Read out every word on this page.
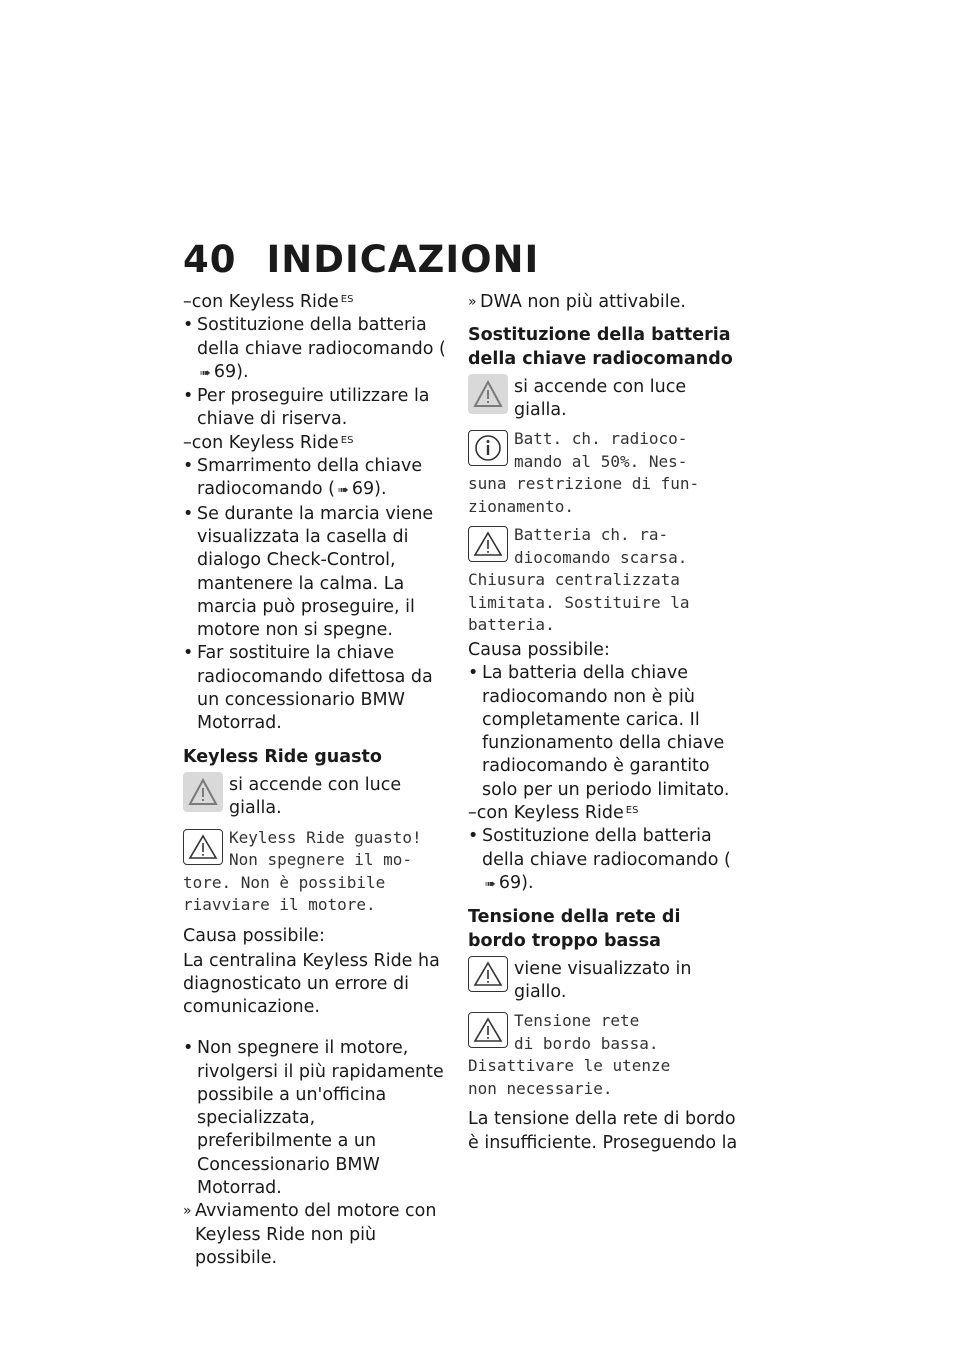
40 INDICAZIONI

– con Keyless Ride $^{ES}$

• Sostituzione della batteria della chiave radiocomando (➠ 69).

• Per proseguire utilizzare la chiave di riserva.

– con Keyless Ride $^{ES}$

• Smarrimento della chiave radiocomando ( ➠ 69).

• Se durante la marcia viene visualizzata la casella di dialogo Check-Control, mantenere la calma. La marcia può proseguire, il motore non si spegne.

• Far sostituire la chiave radiocomando difettosa da un concessionario BMW Motorrad.

Keyless Ride guasto

si accende con luce gialla.

Keyless Ride guasto!

Non spegnere il mo-

tore. Non è possibile

riavviare il motore.

Causa possibile:

La centralina Keyless Ride ha diagnosticato un errore di comunicazione.

• Non spegnere il motore, rivolgersi il più rapidamente possibile a un'officina specializzata, preferibilmente a un Concessionario BMW Motorrad.

» Avviamento del motore con Keyless Ride non più possibile.

» DWA non più attivabile.

Sostituzione della batteria della chiave radiocomando

si accende con luce gialla.

Batt. ch. radioco-

mando al 50%. Nes-

suna restrizione di fun-

zionamento.

Batteria ch. ra-

diocomando scarsa.

Chiusura centralizzata

limitata. Sostituire la

batteria.

Causa possibile:

• La batteria della chiave radiocomando non è più completamente carica. Il funzionamento della chiave radiocomando è garantito solo per un periodo limitato.

– con Keyless Ride $^{ES}$

• Sostituzione della batteria della chiave radiocomando (➠ 69).

Tensione della rete di bordo troppo bassa

viene visualizzato in giallo.

Tensione rete

di bordo bassa.

Disattivare le utenze

non necessarie.

La tensione della rete di bordo è insufficiente. Proseguendo la
